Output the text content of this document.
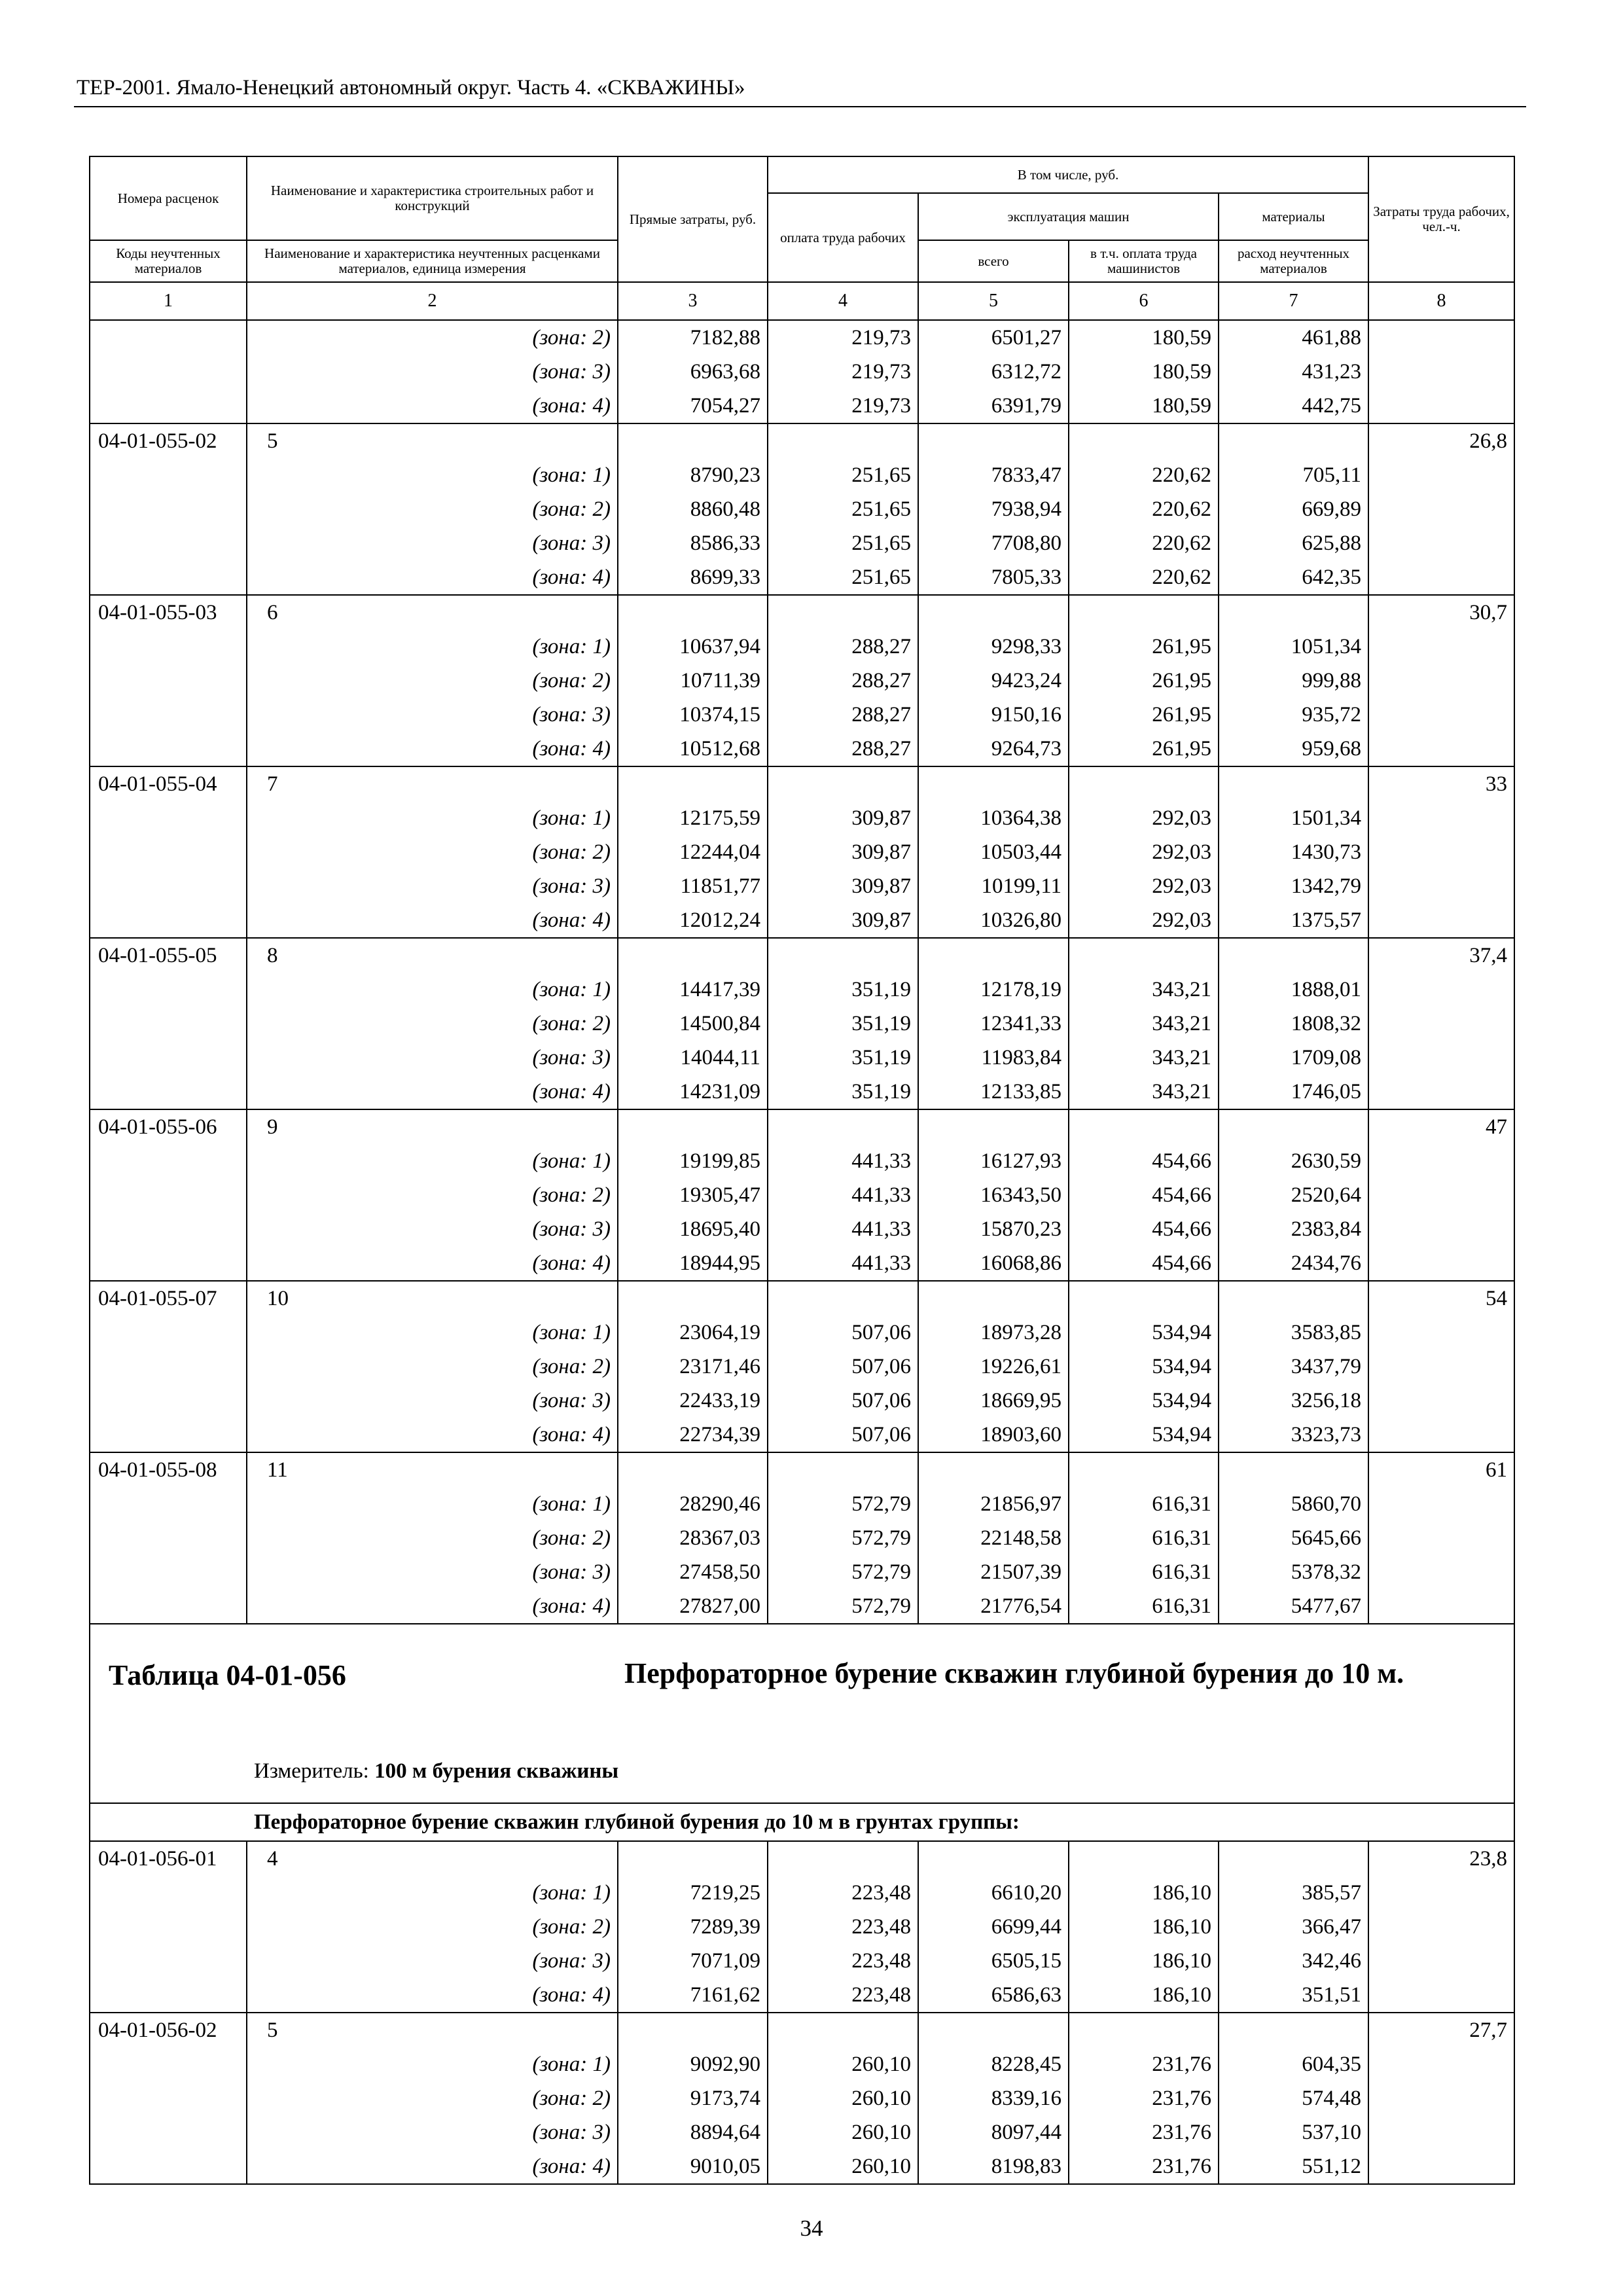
ТЕР-2001. Ямало-Ненецкий автономный округ. Часть 4. «СКВАЖИНЫ»
Номера расценок	Наименование и характеристика строительных работ и конструкций	Прямые затраты, руб.	В том числе, руб.				Затраты труда рабочих, чел.-ч.
			оплата труда рабочих	эксплуатация машин		материалы	
Коды неучтенных материалов	Наименование и характеристика неучтенных расценками материалов, единица измерения			всего	в т.ч. оплата труда машинистов	расход неучтенных материалов	

1	2	3	4	5	6	7	8
	(зона: 2)	7182,88	219,73	6501,27	180,59	461,88	
	(зона: 3)	6963,68	219,73	6312,72	180,59	431,23	
	(зона: 4)	7054,27	219,73	6391,79	180,59	442,75	
04-01-055-02	5						26,8
	(зона: 1)	8790,23	251,65	7833,47	220,62	705,11	
	(зона: 2)	8860,48	251,65	7938,94	220,62	669,89	
	(зона: 3)	8586,33	251,65	7708,80	220,62	625,88	
	(зона: 4)	8699,33	251,65	7805,33	220,62	642,35	
04-01-055-03	6						30,7
	(зона: 1)	10637,94	288,27	9298,33	261,95	1051,34	
	(зона: 2)	10711,39	288,27	9423,24	261,95	999,88	
	(зона: 3)	10374,15	288,27	9150,16	261,95	935,72	
	(зона: 4)	10512,68	288,27	9264,73	261,95	959,68	
04-01-055-04	7						33
	(зона: 1)	12175,59	309,87	10364,38	292,03	1501,34	
	(зона: 2)	12244,04	309,87	10503,44	292,03	1430,73	
	(зона: 3)	11851,77	309,87	10199,11	292,03	1342,79	
	(зона: 4)	12012,24	309,87	10326,80	292,03	1375,57	
04-01-055-05	8						37,4
	(зона: 1)	14417,39	351,19	12178,19	343,21	1888,01	
	(зона: 2)	14500,84	351,19	12341,33	343,21	1808,32	
	(зона: 3)	14044,11	351,19	11983,84	343,21	1709,08	
	(зона: 4)	14231,09	351,19	12133,85	343,21	1746,05	
04-01-055-06	9						47
	(зона: 1)	19199,85	441,33	16127,93	454,66	2630,59	
	(зона: 2)	19305,47	441,33	16343,50	454,66	2520,64	
	(зона: 3)	18695,40	441,33	15870,23	454,66	2383,84	
	(зона: 4)	18944,95	441,33	16068,86	454,66	2434,76	
04-01-055-07	10						54
	(зона: 1)	23064,19	507,06	18973,28	534,94	3583,85	
	(зона: 2)	23171,46	507,06	19226,61	534,94	3437,79	
	(зона: 3)	22433,19	507,06	18669,95	534,94	3256,18	
	(зона: 4)	22734,39	507,06	18903,60	534,94	3323,73	
04-01-055-08	11						61
	(зона: 1)	28290,46	572,79	21856,97	616,31	5860,70	
	(зона: 2)	28367,03	572,79	22148,58	616,31	5645,66	
	(зона: 3)	27458,50	572,79	21507,39	616,31	5378,32	
	(зона: 4)	27827,00	572,79	21776,54	616,31	5477,67	

Таблица 04-01-056 Перфораторное бурение скважин глубиной бурения до 10 м.
Измеритель: 100 м бурения скважины							

Перфораторное бурение скважин глубиной бурения до 10 м в грунтах группы:							
04-01-056-01	4						23,8
	(зона: 1)	7219,25	223,48	6610,20	186,10	385,57	
	(зона: 2)	7289,39	223,48	6699,44	186,10	366,47	
	(зона: 3)	7071,09	223,48	6505,15	186,10	342,46	
	(зона: 4)	7161,62	223,48	6586,63	186,10	351,51	
04-01-056-02	5						27,7
	(зона: 1)	9092,90	260,10	8228,45	231,76	604,35	
	(зона: 2)	9173,74	260,10	8339,16	231,76	574,48	
	(зона: 3)	8894,64	260,10	8097,44	231,76	537,10	
	(зона: 4)	9010,05	260,10	8198,83	231,76	551,12	
34
